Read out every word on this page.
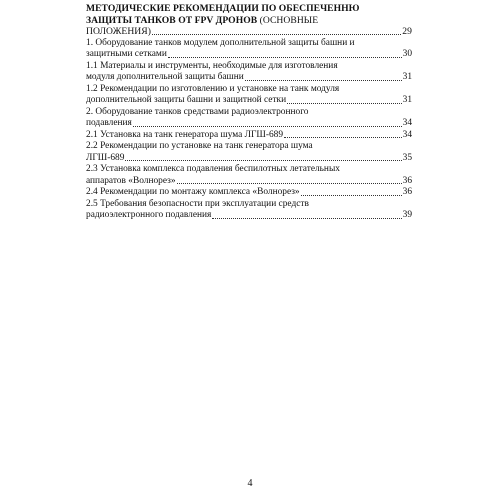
МЕТОДИЧЕСКИЕ РЕКОМЕНДАЦИИ ПО ОБЕСПЕЧЕННЮ
ЗАЩИТЫ ТАНКОВ ОТ FPV ДРОНОВ (ОСНОВНЫЕ
ПОЛОЖЕНИЯ)	29
1. Оборудование танков модулем дополнительной защиты башни и
защитными сетками	30
1.1 Материалы и инструменты, необходимые для изготовления
модуля дополнительной защиты башни	31
1.2 Рекомендации по изготовлению и установке на танк модуля
дополнительной защиты башни и защитной сетки	31
2. Оборудование танков средствами радиоэлектронного
подавления	34
2.1 Установка на танк генератора шума ЛГШ-689	34
2.2 Рекомендации по установке на танк генератора шума
ЛГШ-689	35
2.3 Установка комплекса подавления беспилотных летательных
аппаратов «Волнорез»	36
2.4 Рекомендации по монтажу комплекса «Волнорез»	36
2.5 Требования безопасности при эксплуатации средств
радиоэлектронного подавления	39
4
